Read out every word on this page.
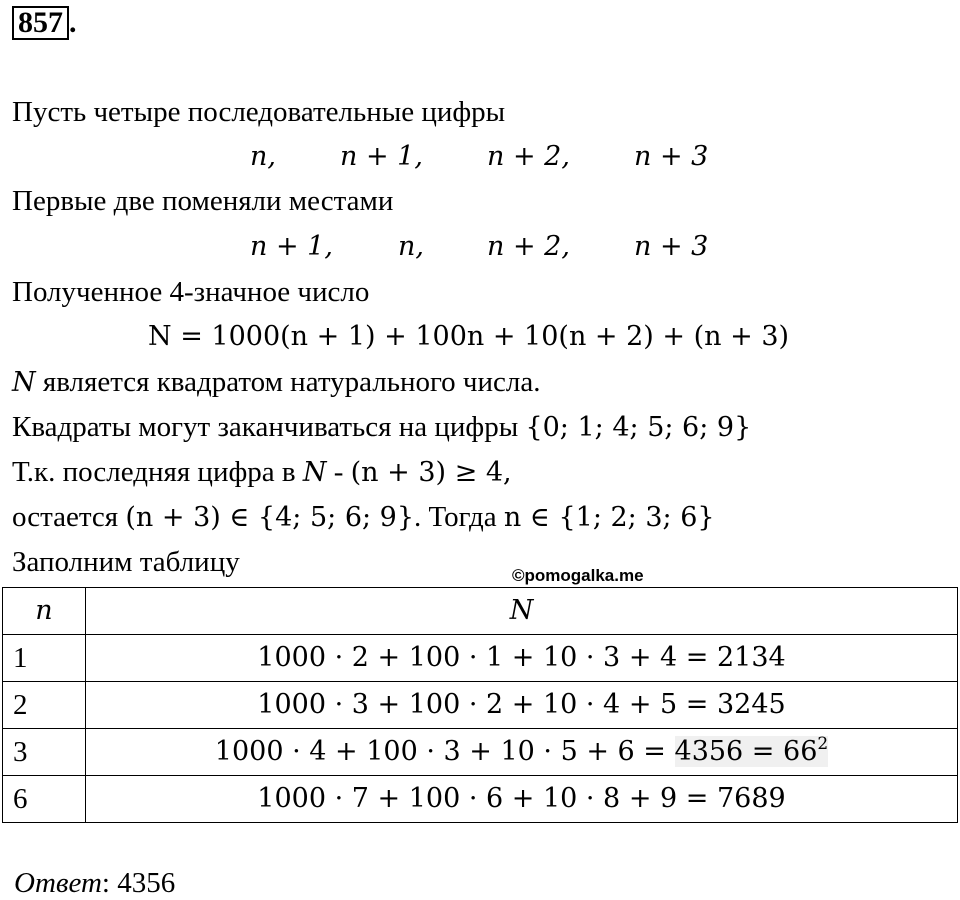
857 .
Пусть четыре последовательные цифры
n, n + 1, n + 2, n + 3
Первые две поменяли местами
n + 1, n, n + 2, n + 3
Полученное 4-значное число
N = 1000(n + 1) + 100n + 10(n + 2) + (n + 3)
N является квадратом натурального числа.
Квадраты могут заканчиваться на цифры {0; 1; 4; 5; 6; 9}
Т.к. последняя цифра в N - (n + 3) ≥ 4,
остается (n + 3) ∈ {4; 5; 6; 9}. Тогда n ∈ {1; 2; 3; 6}
Заполним таблицу	©pomogalka.me
n	N
1	1000 · 2 + 100 · 1 + 10 · 3 + 4 = 2134
2	1000 · 3 + 100 · 2 + 10 · 4 + 5 = 3245
3	$1000 \cdot 4 + 100 \cdot 3 + 10 \cdot 5 + 6 = 4356 = 66^2$
6	1000 · 7 + 100 · 6 + 10 · 8 + 9 = 7689
Ответ: 4356
